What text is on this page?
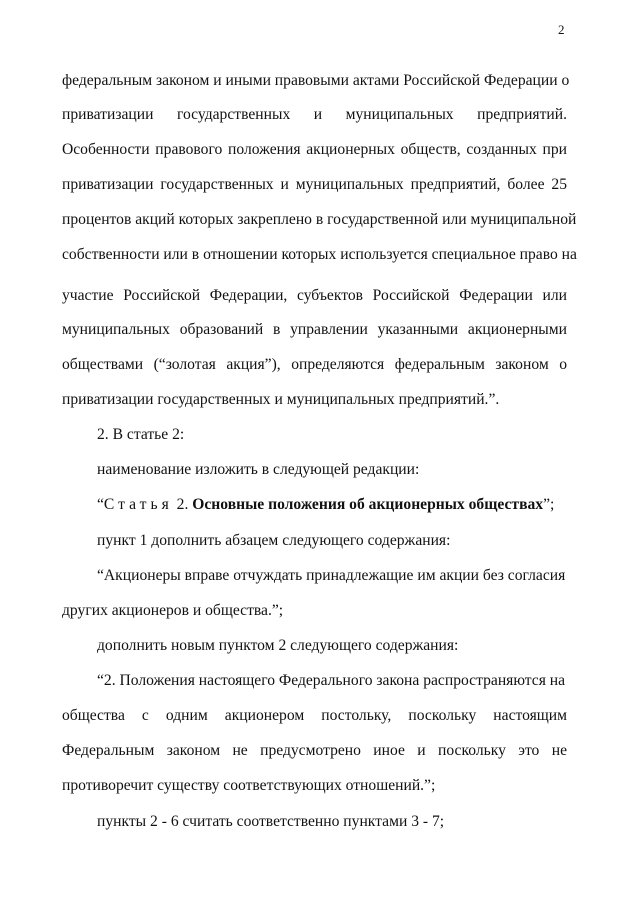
2
федеральным законом и иными правовыми актами Российской Федерации о
приватизации государственных и муниципальных предприятий.
Особенности правового положения акционерных обществ, созданных при
приватизации государственных и муниципальных предприятий, более 25
процентов акций которых закреплено в государственной или муниципальной
собственности или в отношении которых используется специальное право на
участие Российской Федерации, субъектов Российской Федерации или
муниципальных образований в управлении указанными акционерными
обществами (“золотая акция”), определяются федеральным законом о
приватизации государственных и муниципальных предприятий.”.
2. В статье 2:
наименование изложить в следующей редакции:
“Статья 2. Основные положения об акционерных обществах”;
пункт 1 дополнить абзацем следующего содержания:
“Акционеры вправе отчуждать принадлежащие им акции без согласия
других акционеров и общества.”;
дополнить новым пунктом 2 следующего содержания:
“2. Положения настоящего Федерального закона распространяются на
общества с одним акционером постольку, поскольку настоящим
Федеральным законом не предусмотрено иное и поскольку это не
противоречит существу соответствующих отношений.”;
пункты 2 - 6 считать соответственно пунктами 3 - 7;
